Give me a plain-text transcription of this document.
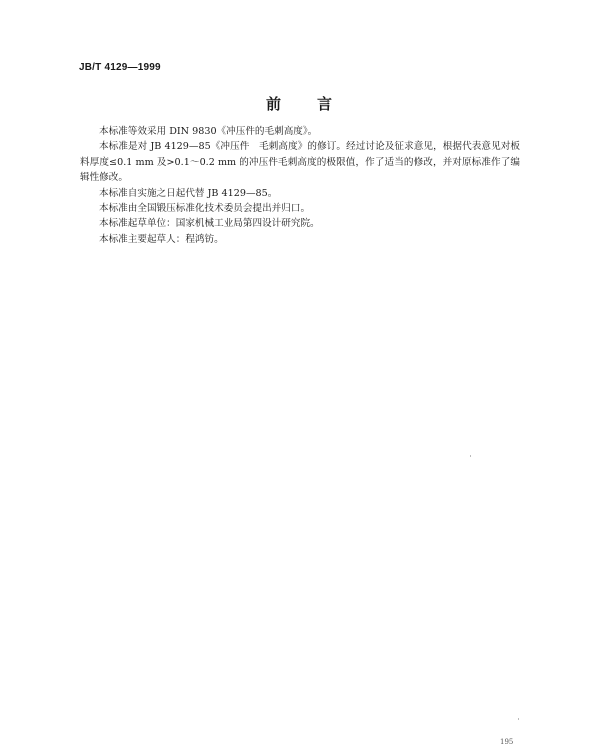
JB/T 4129—1999
前　　言

本标准等效采用 DIN 9830《冲压件的毛刺高度》。

本标准是对 JB 4129—85《冲压件　毛刺高度》的修订。经过讨论及征求意见，根据代表意见对板料厚度≤0.1 mm 及>0.1～0.2 mm 的冲压件毛刺高度的极限值，作了适当的修改，并对原标准作了编辑性修改。

本标准自实施之日起代替 JB 4129—85。

本标准由全国锻压标准化技术委员会提出并归口。

本标准起草单位：国家机械工业局第四设计研究院。

本标准主要起草人：程鸿钫。

195
